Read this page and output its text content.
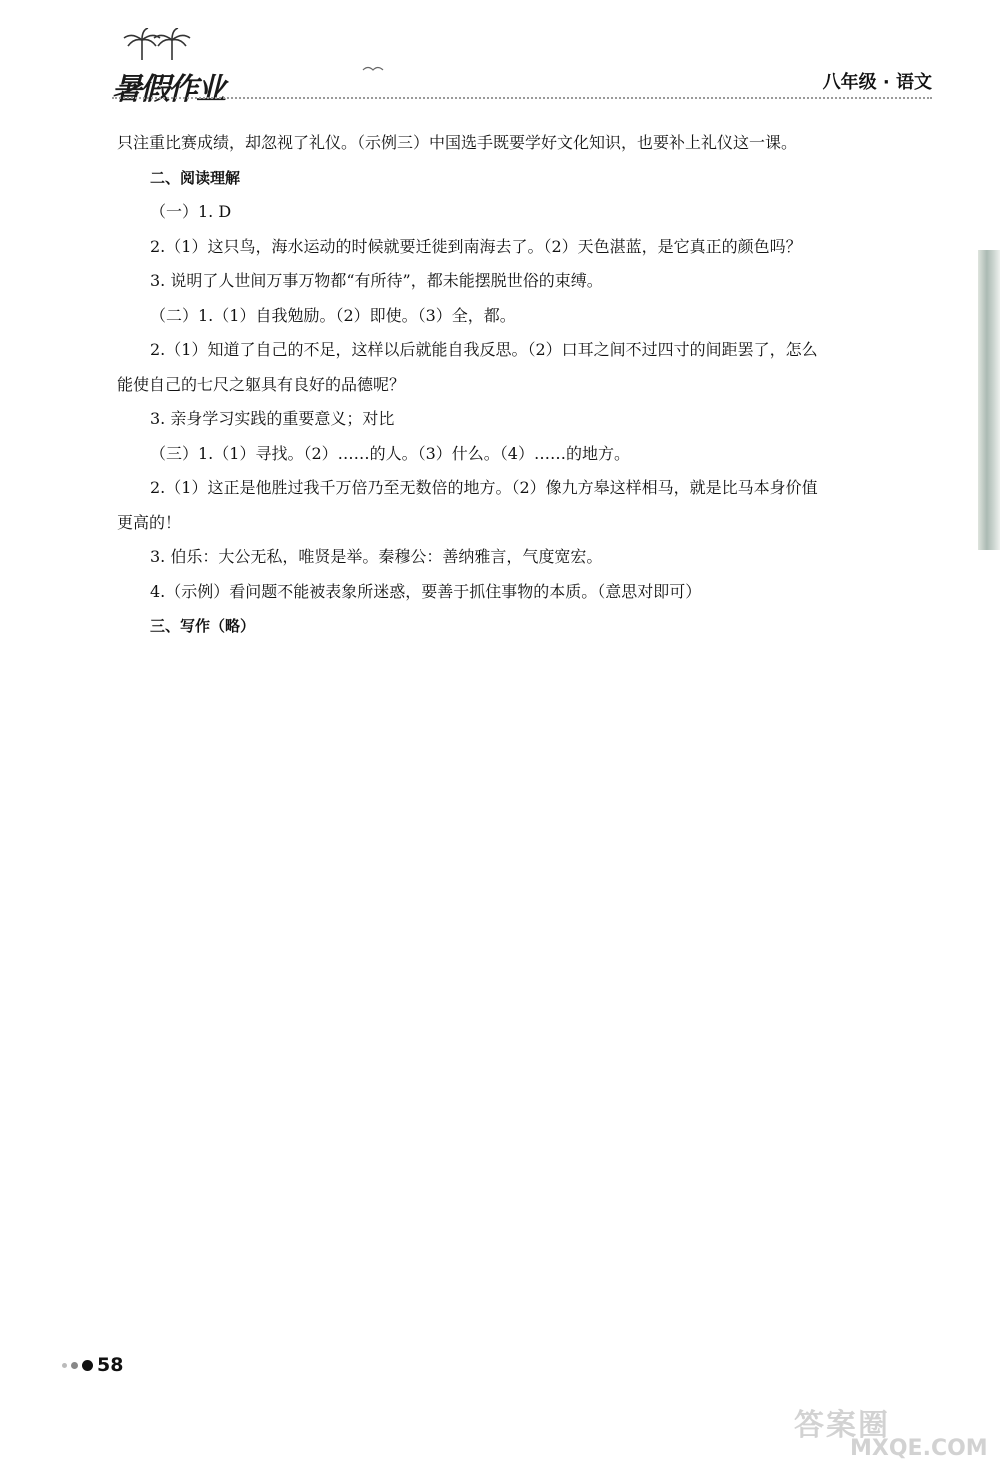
暑假作业	八年级 · 语文
只注重比赛成绩，却忽视了礼仪。（示例三）中国选手既要学好文化知识，也要补上礼仪这一课。
二、阅读理解
（一）1. D
2.（1）这只鸟，海水运动的时候就要迁徙到南海去了。（2）天色湛蓝，是它真正的颜色吗？
3. 说明了人世间万事万物都“有所待”，都未能摆脱世俗的束缚。
（二）1.（1）自我勉励。（2）即使。（3）全，都。
2.（1）知道了自己的不足，这样以后就能自我反思。（2）口耳之间不过四寸的间距罢了，怎么
能使自己的七尺之躯具有良好的品德呢？
3. 亲身学习实践的重要意义；对比
（三）1.（1）寻找。（2）……的人。（3）什么。（4）……的地方。
2.（1）这正是他胜过我千万倍乃至无数倍的地方。（2）像九方皋这样相马，就是比马本身价值
更高的！
3. 伯乐：大公无私，唯贤是举。秦穆公：善纳雅言，气度宽宏。
4.（示例）看问题不能被表象所迷惑，要善于抓住事物的本质。（意思对即可）
三、写作（略）
58
答案圈
MXQE.COM
